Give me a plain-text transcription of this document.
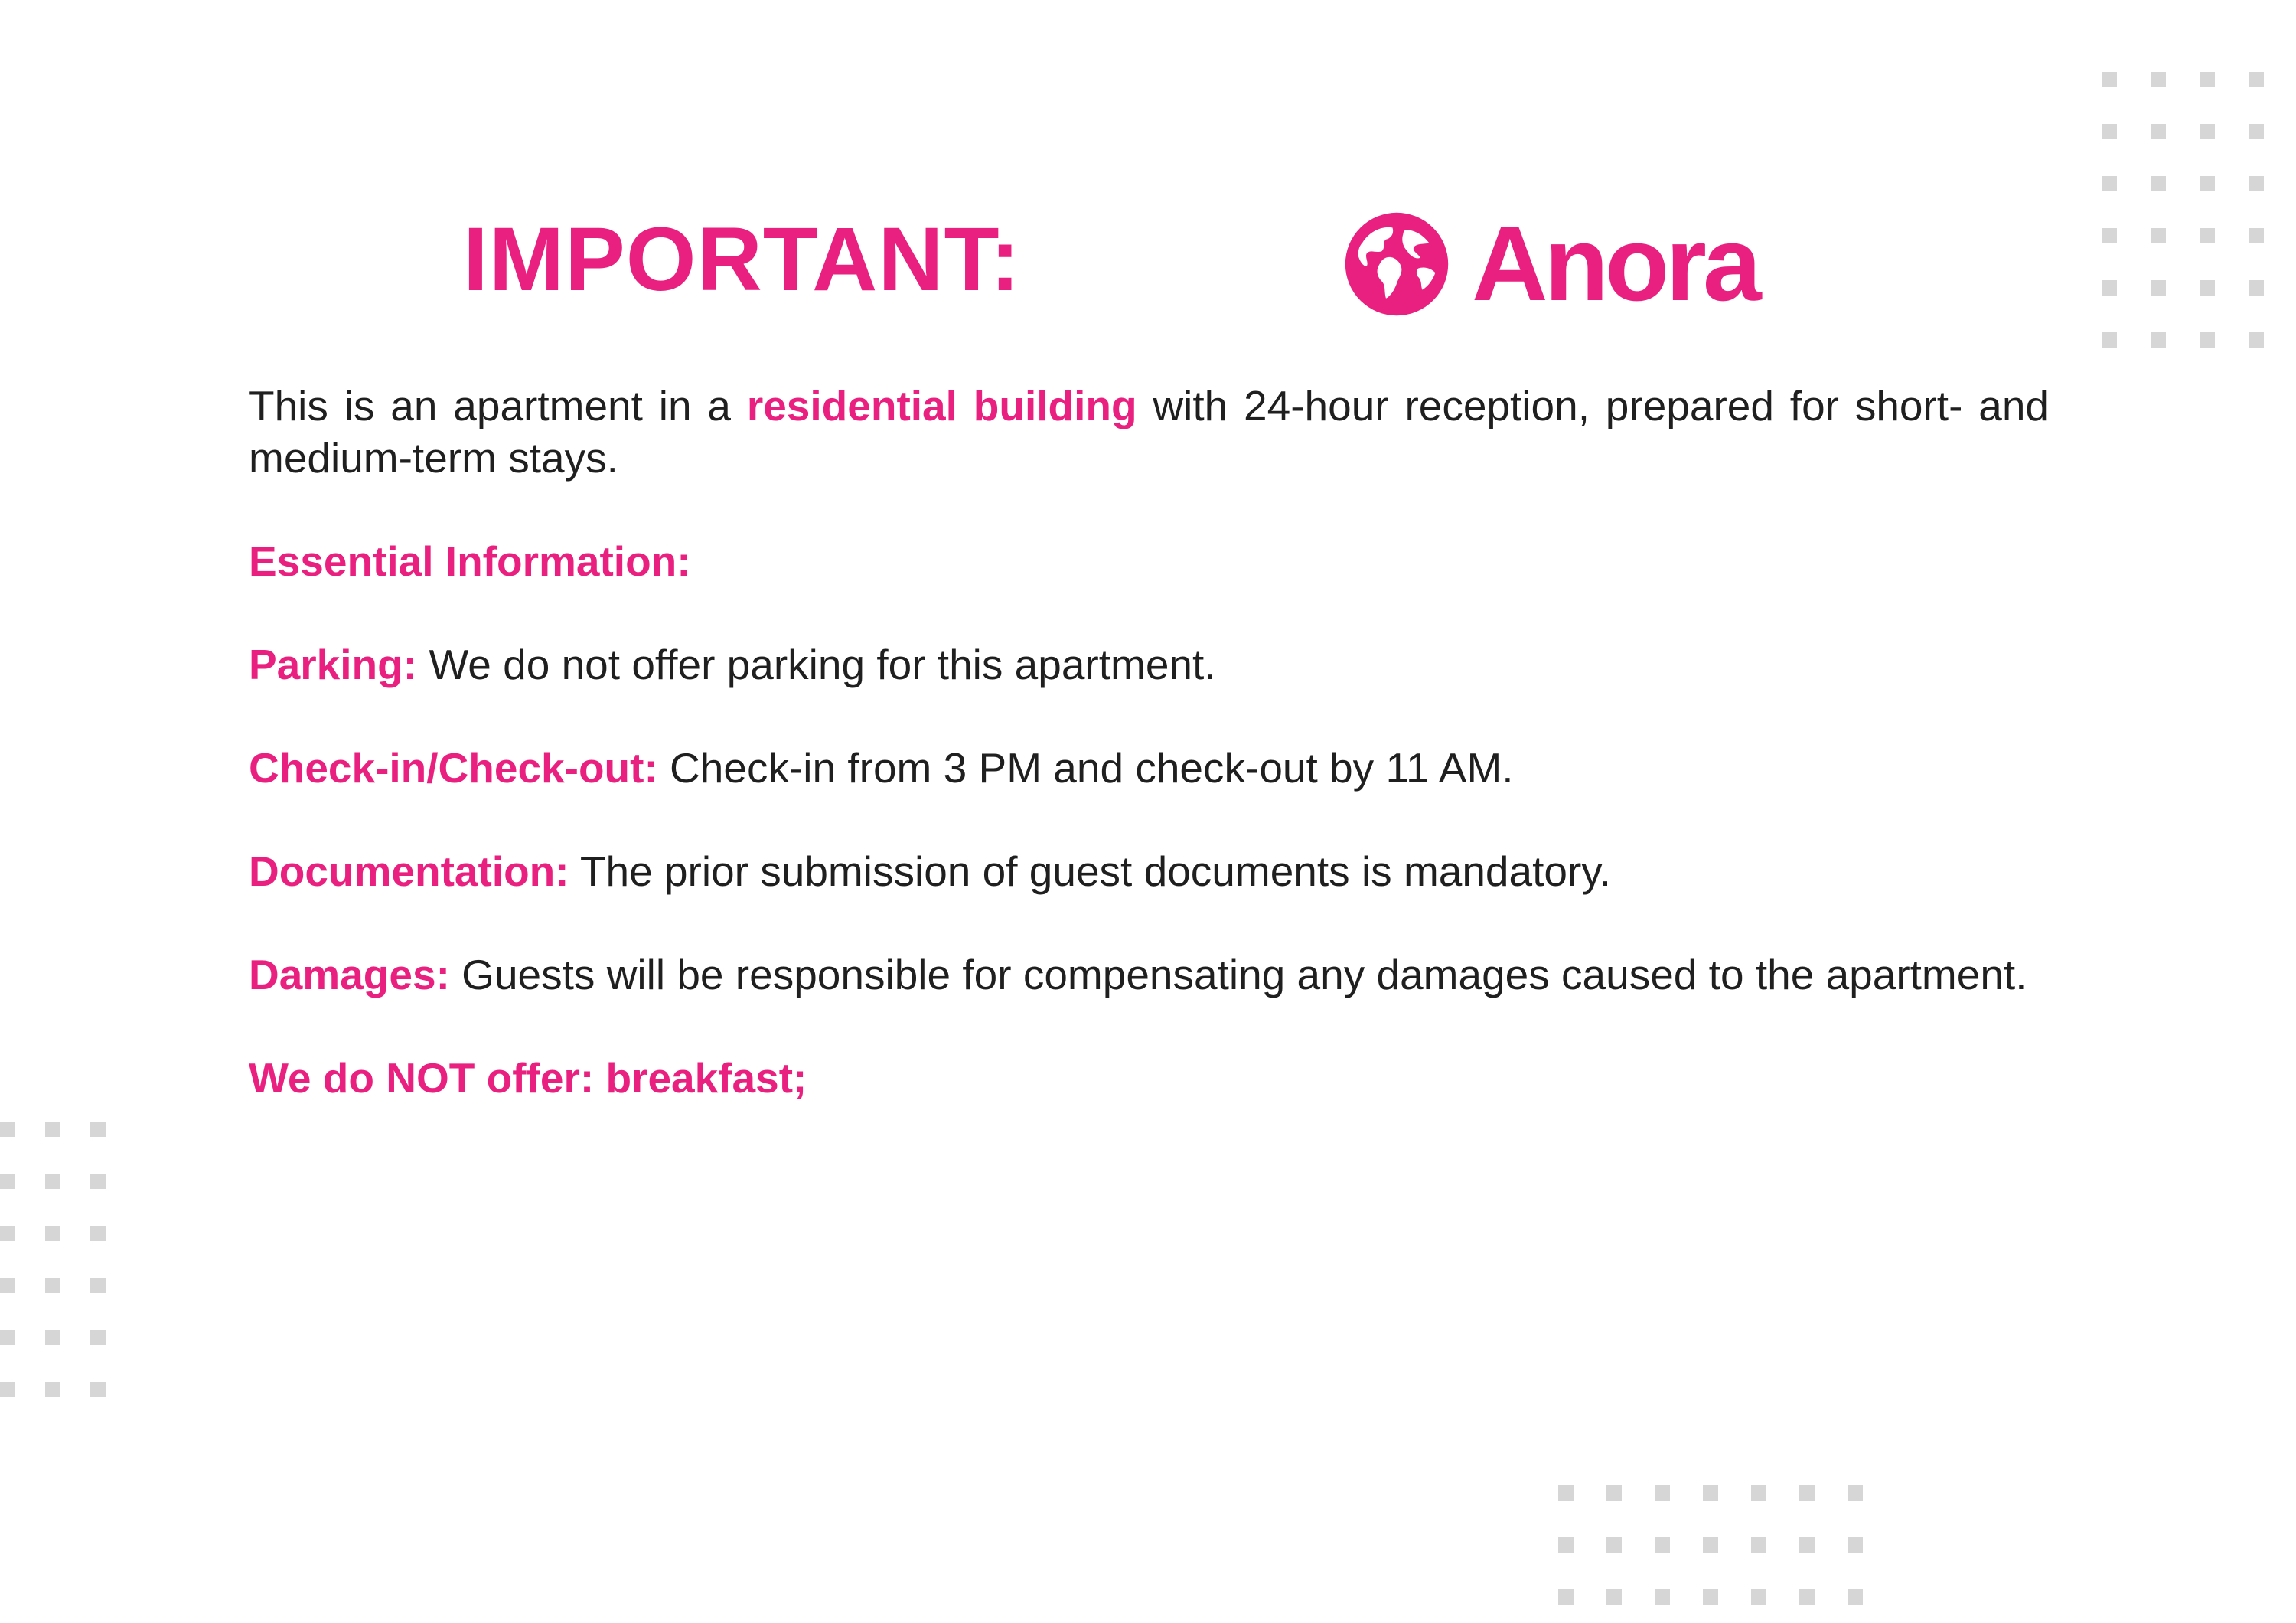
IMPORTANT:	Anora

This is an apartment in a residential building with 24-hour reception, prepared for short- and medium-term stays.

Essential Information:

Parking: We do not offer parking for this apartment.

Check-in/Check-out: Check-in from 3 PM and check-out by 11 AM.

Documentation: The prior submission of guest documents is mandatory.

Damages: Guests will be responsible for compensating any damages caused to the apartment.

We do NOT offer: breakfast;
